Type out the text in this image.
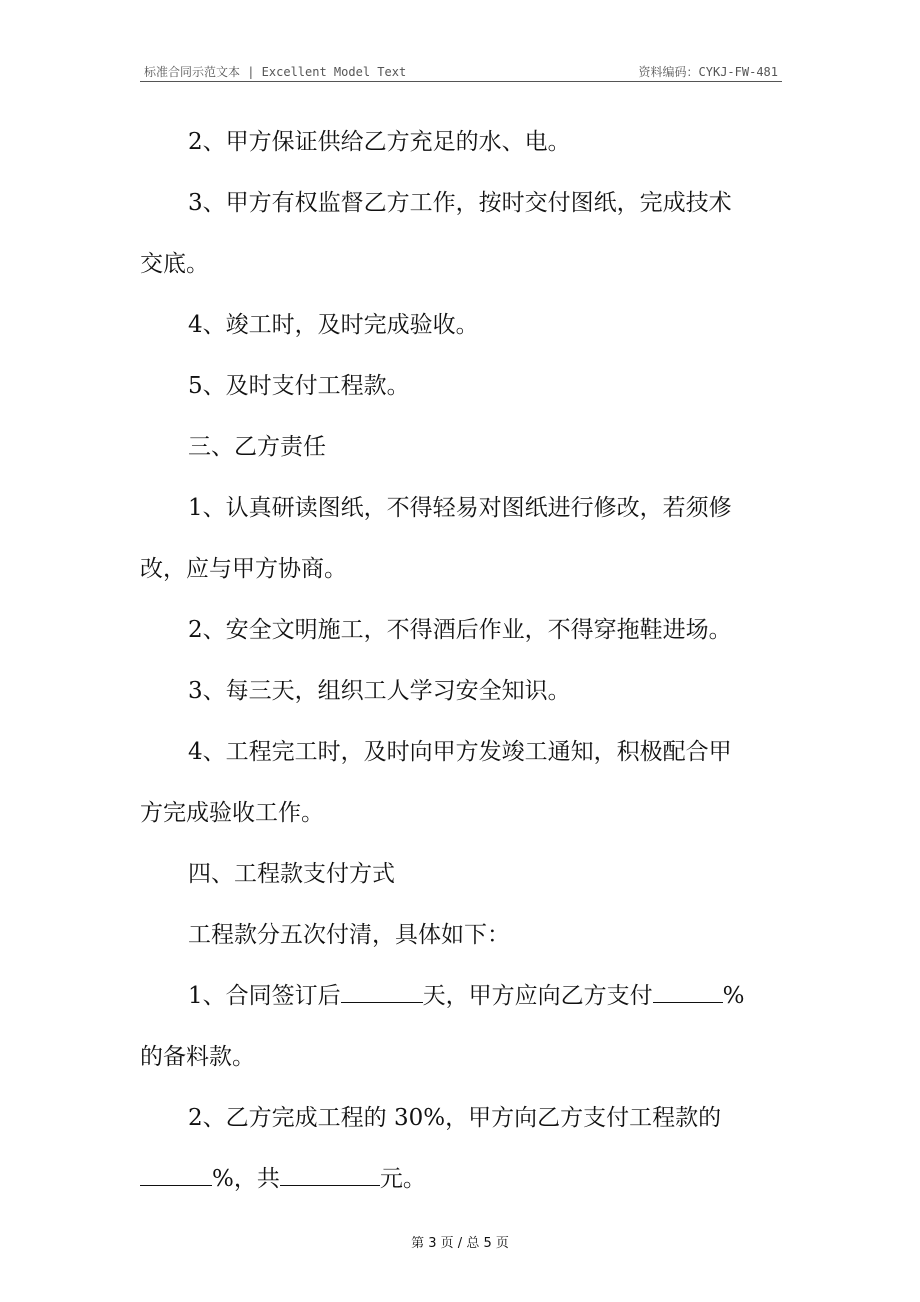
标准合同示范文本 | Excellent Model Text	资料编码：CYKJ-FW-481

2、甲方保证供给乙方充足的水、电。

3、甲方有权监督乙方工作，按时交付图纸，完成技术

交底。

4、竣工时，及时完成验收。

5、及时支付工程款。

三、乙方责任

1、认真研读图纸，不得轻易对图纸进行修改，若须修

改，应与甲方协商。

2、安全文明施工，不得酒后作业，不得穿拖鞋进场。

3、每三天，组织工人学习安全知识。

4、工程完工时，及时向甲方发竣工通知，积极配合甲

方完成验收工作。

四、工程款支付方式

工程款分五次付清，具体如下：

1、合同签订后	天，甲方应向乙方支付	%

的备料款。

2、乙方完成工程的 30%，甲方向乙方支付工程款的

%，共	元。

第 3 页 / 总 5 页
